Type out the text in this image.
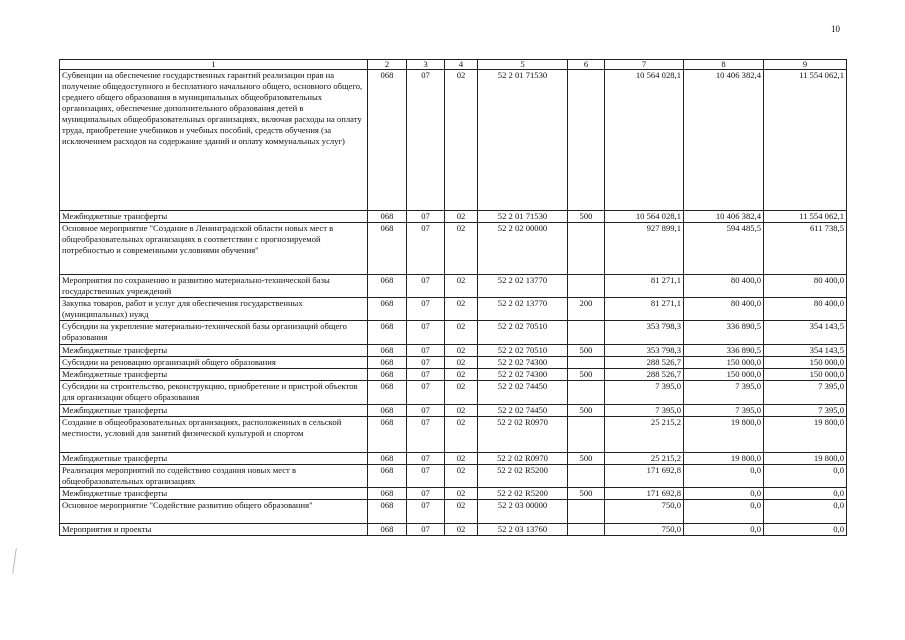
10
1	2	3	4	5	6	7	8	9
Субвенции на обеспечение государственных гарантий реализации прав на получение общедоступного и бесплатного начального общего, основного общего, среднего общего образования в муниципальных общеобразовательных организациях, обеспечение дополнительного образования детей в муниципальных общеобразовательных организациях, включая расходы на оплату труда, приобретение учебников и учебных пособий, средств обучения (за исключением расходов на содержание зданий и оплату коммунальных услуг)	068	07	02	52 2 01 71530		10 564 028,1	10 406 382,4	11 554 062,1
Межбюджетные трансферты	068	07	02	52 2 01 71530	500	10 564 028,1	10 406 382,4	11 554 062,1
Основное мероприятие "Создание в Ленинградской области новых мест в общеобразовательных организациях в соответствии с прогнозируемой потребностью и современными условиями обучения"	068	07	02	52 2 02 00000		927 899,1	594 485,5	611 738,5
Мероприятия по сохранению и развитию материально-технической базы государственных учреждений	068	07	02	52 2 02 13770		81 271,1	80 400,0	80 400,0
Закупка товаров, работ и услуг для обеспечения государственных (муниципальных) нужд	068	07	02	52 2 02 13770	200	81 271,1	80 400,0	80 400,0
Субсидии на укрепление материально-технической базы организаций общего образования	068	07	02	52 2 02 70510		353 798,3	336 890,5	354 143,5
Межбюджетные трансферты	068	07	02	52 2 02 70510	500	353 798,3	336 890,5	354 143,5
Субсидии на реновацию организаций общего образования	068	07	02	52 2 02 74300		288 526,7	150 000,0	150 000,0
Межбюджетные трансферты	068	07	02	52 2 02 74300	500	288 526,7	150 000,0	150 000,0
Субсидии на строительство, реконструкцию, приобретение и пристрой объектов для организации общего образования	068	07	02	52 2 02 74450		7 395,0	7 395,0	7 395,0
Межбюджетные трансферты	068	07	02	52 2 02 74450	500	7 395,0	7 395,0	7 395,0
Создание в общеобразовательных организациях, расположенных в сельской местности, условий для занятий физической культурой и спортом	068	07	02	52 2 02 R0970		25 215,2	19 800,0	19 800,0
Межбюджетные трансферты	068	07	02	52 2 02 R0970	500	25 215,2	19 800,0	19 800,0
Реализация мероприятий по содействию создания новых мест в общеобразовательных организациях	068	07	02	52 2 02 R5200		171 692,8	0,0	0,0
Межбюджетные трансферты	068	07	02	52 2 02 R5200	500	171 692,8	0,0	0,0
Основное мероприятие "Содействие развитию общего образования"	068	07	02	52 2 03 00000		750,0	0,0	0,0
Мероприятия и проекты	068	07	02	52 2 03 13760		750,0	0,0	0,0
